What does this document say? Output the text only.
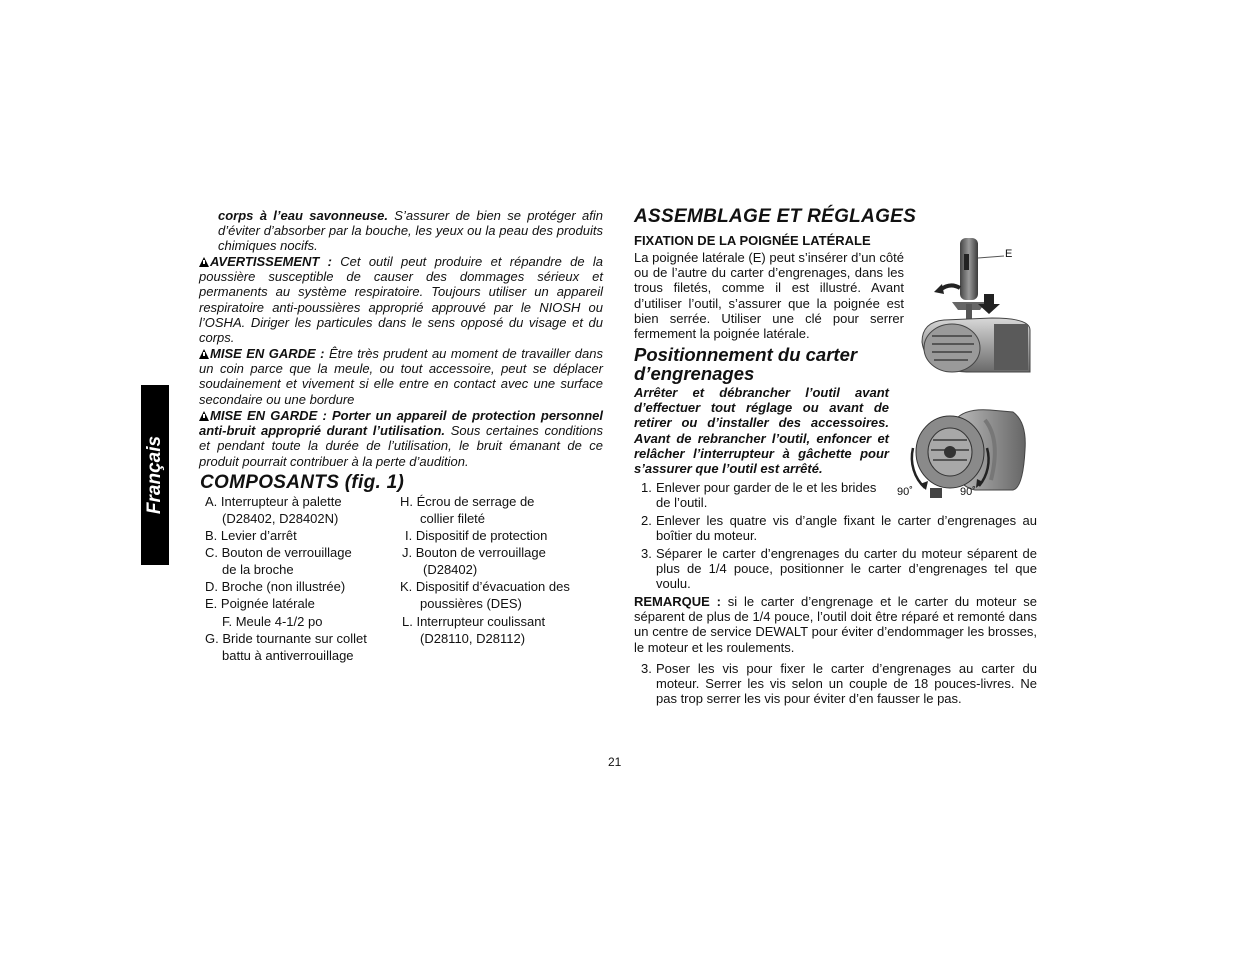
Français
corps à l’eau savonneuse. S’assurer de bien se protéger afin d’éviter d’absorber par la bouche, les yeux ou la peau des produits chimiques nocifs.
AVERTISSEMENT : Cet outil peut produire et répandre de la poussière susceptible de causer des dommages sérieux et permanents au système respiratoire. Toujours utiliser un appareil respiratoire anti-poussières approprié approuvé par le NIOSH ou l’OSHA. Diriger les particules dans le sens opposé du visage et du corps.
MISE EN GARDE : Être très prudent au moment de travailler dans un coin parce que la meule, ou tout accessoire, peut se déplacer soudainement et vivement si elle entre en contact avec une surface secondaire ou une bordure
MISE EN GARDE : Porter un appareil de protection personnel anti-bruit approprié durant l’utilisation. Sous certaines conditions et pendant toute la durée de l’utilisation, le bruit émanant de ce produit pourrait contribuer à la perte d’audition.
COMPOSANTS (fig. 1)
A. Interrupteur à palette
(D28402, D28402N)
B. Levier d’arrêt
C. Bouton de verrouillage
de la broche
D. Broche (non illustrée)
E. Poignée latérale
F. Meule 4-1/2 po
G. Bride tournante sur collet
battu à antiverrouillage
H. Écrou de serrage de
collier fileté
I. Dispositif de protection
J. Bouton de verrouillage
(D28402)
K. Dispositif d’évacuation des
poussières (DES)
L. Interrupteur coulissant
(D28110, D28112)
ASSEMBLAGE ET RÉGLAGES
FIXATION DE LA POIGNÉE LATÉRALE
La poignée latérale (E) peut s’insérer d’un côté ou de l’autre du carter d’engrenages, dans les trous filetés, comme il est illustré. Avant d’utiliser l’outil, s’assurer que la poignée est bien serrée. Utiliser une clé pour serrer fermement la poignée latérale.
Positionnement du carter d’engrenages
Arrêter et débrancher l’outil avant d’effectuer tout réglage ou avant de retirer ou d’installer des accessoires. Avant de rebrancher l’outil, enfoncer et relâcher l’interrupteur à gâchette pour s’assurer que l’outil est arrêté.
1. Enlever pour garder de le et les brides de l’outil.
2. Enlever les quatre vis d’angle fixant le carter d’engrenages au boîtier du moteur.
3. Séparer le carter d’engrenages du carter du moteur séparent de plus de 1/4 pouce, positionner le carter d’engrenages tel que voulu.
REMARQUE : si le carter d’engrenage et le carter du moteur se séparent de plus de 1/4 pouce, l’outil doit être réparé et remonté dans un centre de service DEWALT pour éviter d’endommager les brosses, le moteur et les roulements.
3. Poser les vis pour fixer le carter d’engrenages au carter du moteur. Serrer les vis selon un couple de 18 pouces-livres. Ne pas trop serrer les vis pour éviter d’en fausser le pas.
E
90˚	90˚
21
